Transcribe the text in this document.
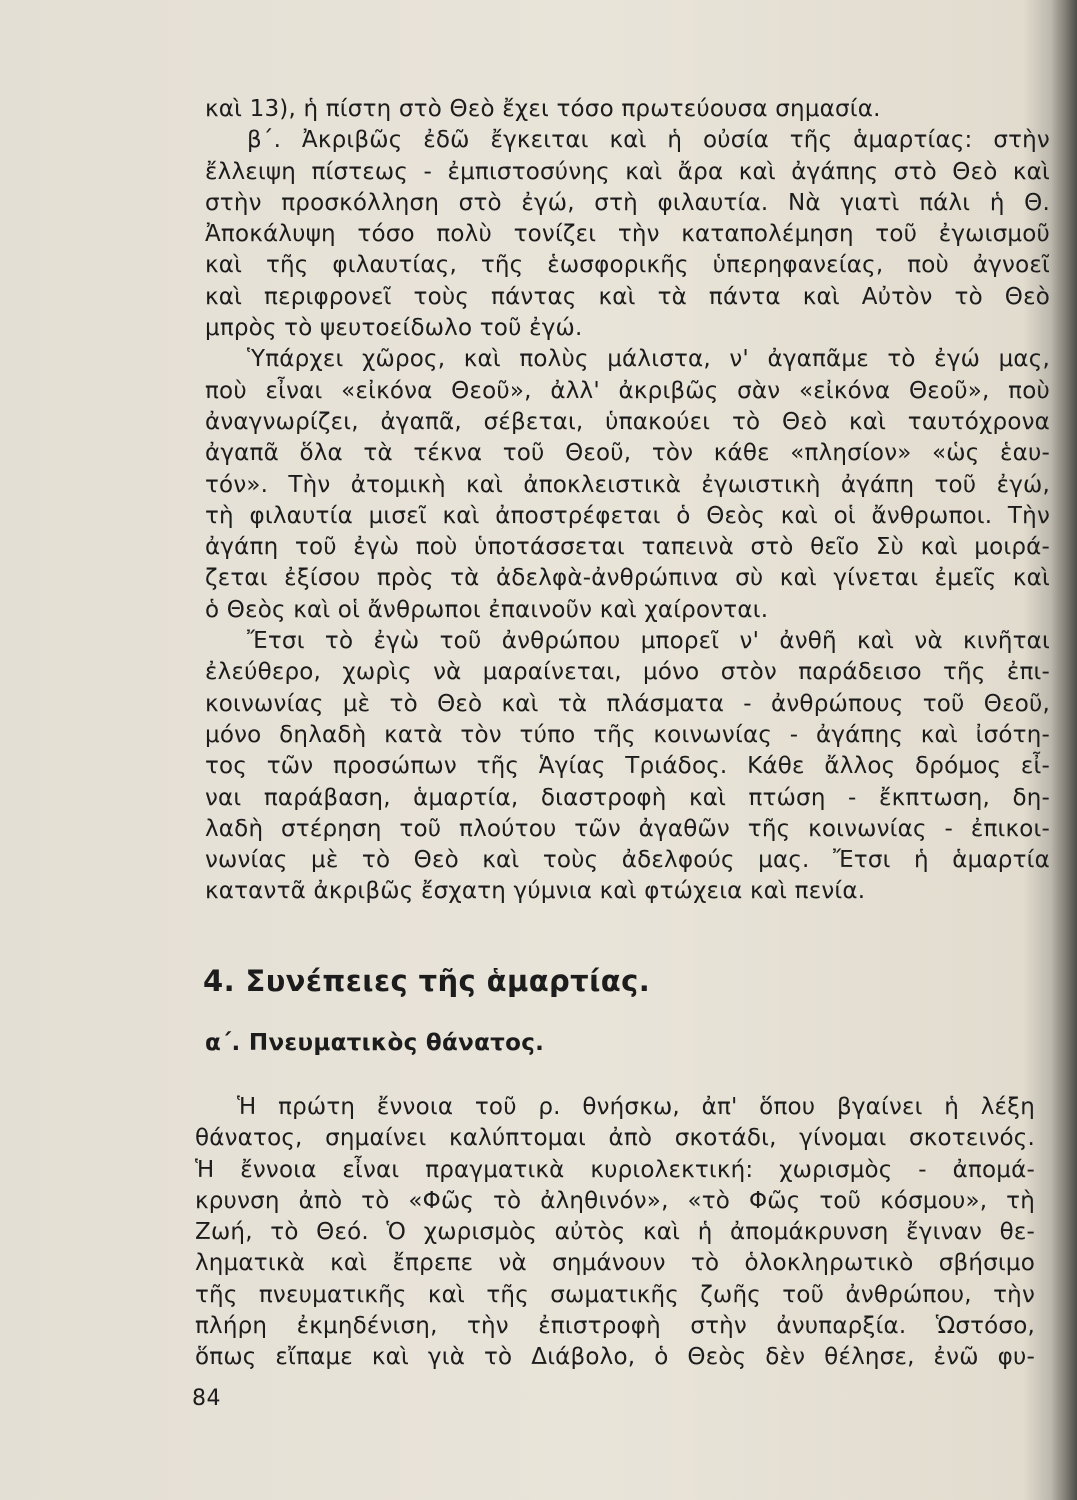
καὶ 13), ἡ πίστη στὸ Θεὸ ἔχει τόσο πρωτεύουσα σημασία.
β΄. Ἀκριβῶς ἐδῶ ἔγκειται καὶ ἡ οὐσία τῆς ἁμαρτίας: στὴν
ἔλλειψη πίστεως - ἐμπιστοσύνης καὶ ἄρα καὶ ἀγάπης στὸ Θεὸ καὶ
στὴν προσκόλληση στὸ ἐγώ, στὴ φιλαυτία. Νὰ γιατὶ πάλι ἡ Θ.
Ἀποκάλυψη τόσο πολὺ τονίζει τὴν καταπολέμηση τοῦ ἐγωισμοῦ
καὶ τῆς φιλαυτίας, τῆς ἑωσφορικῆς ὑπερηφανείας, ποὺ ἀγνοεῖ
καὶ περιφρονεῖ τοὺς πάντας καὶ τὰ πάντα καὶ Αὐτὸν τὸ Θεὸ
μπρὸς τὸ ψευτοείδωλο τοῦ ἐγώ.
Ὑπάρχει χῶρος, καὶ πολὺς μάλιστα, ν' ἀγαπᾶμε τὸ ἐγώ μας,
ποὺ εἶναι «εἰκόνα Θεοῦ», ἀλλ' ἀκριβῶς σὰν «εἰκόνα Θεοῦ», ποὺ
ἀναγνωρίζει, ἀγαπᾶ, σέβεται, ὑπακούει τὸ Θεὸ καὶ ταυτόχρονα
ἀγαπᾶ ὅλα τὰ τέκνα τοῦ Θεοῦ, τὸν κάθε «πλησίον» «ὡς ἑαυ-
τόν». Τὴν ἀτομικὴ καὶ ἀποκλειστικὰ ἐγωιστικὴ ἀγάπη τοῦ ἐγώ,
τὴ φιλαυτία μισεῖ καὶ ἀποστρέφεται ὁ Θεὸς καὶ οἱ ἄνθρωποι. Τὴν
ἀγάπη τοῦ ἐγὼ ποὺ ὑποτάσσεται ταπεινὰ στὸ θεῖο Σὺ καὶ μοιρά-
ζεται ἐξίσου πρὸς τὰ ἀδελφὰ-ἀνθρώπινα σὺ καὶ γίνεται ἐμεῖς καὶ
ὁ Θεὸς καὶ οἱ ἄνθρωποι ἐπαινοῦν καὶ χαίρονται.
Ἔτσι τὸ ἐγὼ τοῦ ἀνθρώπου μπορεῖ ν' ἀνθῆ καὶ νὰ κινῆται
ἐλεύθερο, χωρὶς νὰ μαραίνεται, μόνο στὸν παράδεισο τῆς ἐπι-
κοινωνίας μὲ τὸ Θεὸ καὶ τὰ πλάσματα - ἀνθρώπους τοῦ Θεοῦ,
μόνο δηλαδὴ κατὰ τὸν τύπο τῆς κοινωνίας - ἀγάπης καὶ ἰσότη-
τος τῶν προσώπων τῆς Ἁγίας Τριάδος. Κάθε ἄλλος δρόμος εἶ-
ναι παράβαση, ἁμαρτία, διαστροφὴ καὶ πτώση - ἔκπτωση, δη-
λαδὴ στέρηση τοῦ πλούτου τῶν ἀγαθῶν τῆς κοινωνίας - ἐπικοι-
νωνίας μὲ τὸ Θεὸ καὶ τοὺς ἀδελφούς μας. Ἔτσι ἡ ἁμαρτία
καταντᾶ ἀκριβῶς ἔσχατη γύμνια καὶ φτώχεια καὶ πενία.
4. Συνέπειες τῆς ἁμαρτίας.
α΄. Πνευματικὸς θάνατος.
Ἡ πρώτη ἔννοια τοῦ ρ. θνήσκω, ἀπ' ὅπου βγαίνει ἡ λέξη
θάνατος, σημαίνει καλύπτομαι ἀπὸ σκοτάδι, γίνομαι σκοτεινός.
Ἡ ἔννοια εἶναι πραγματικὰ κυριολεκτική: χωρισμὸς - ἀπομά-
κρυνση ἀπὸ τὸ «Φῶς τὸ ἀληθινόν», «τὸ Φῶς τοῦ κόσμου», τὴ
Ζωή, τὸ Θεό. Ὁ χωρισμὸς αὐτὸς καὶ ἡ ἀπομάκρυνση ἔγιναν θε-
ληματικὰ καὶ ἔπρεπε νὰ σημάνουν τὸ ὁλοκληρωτικὸ σβήσιμο
τῆς πνευματικῆς καὶ τῆς σωματικῆς ζωῆς τοῦ ἀνθρώπου, τὴν
πλήρη ἐκμηδένιση, τὴν ἐπιστροφὴ στὴν ἀνυπαρξία. Ὡστόσο,
ὅπως εἴπαμε καὶ γιὰ τὸ Διάβολο, ὁ Θεὸς δὲν θέλησε, ἐνῶ φυ-
84
